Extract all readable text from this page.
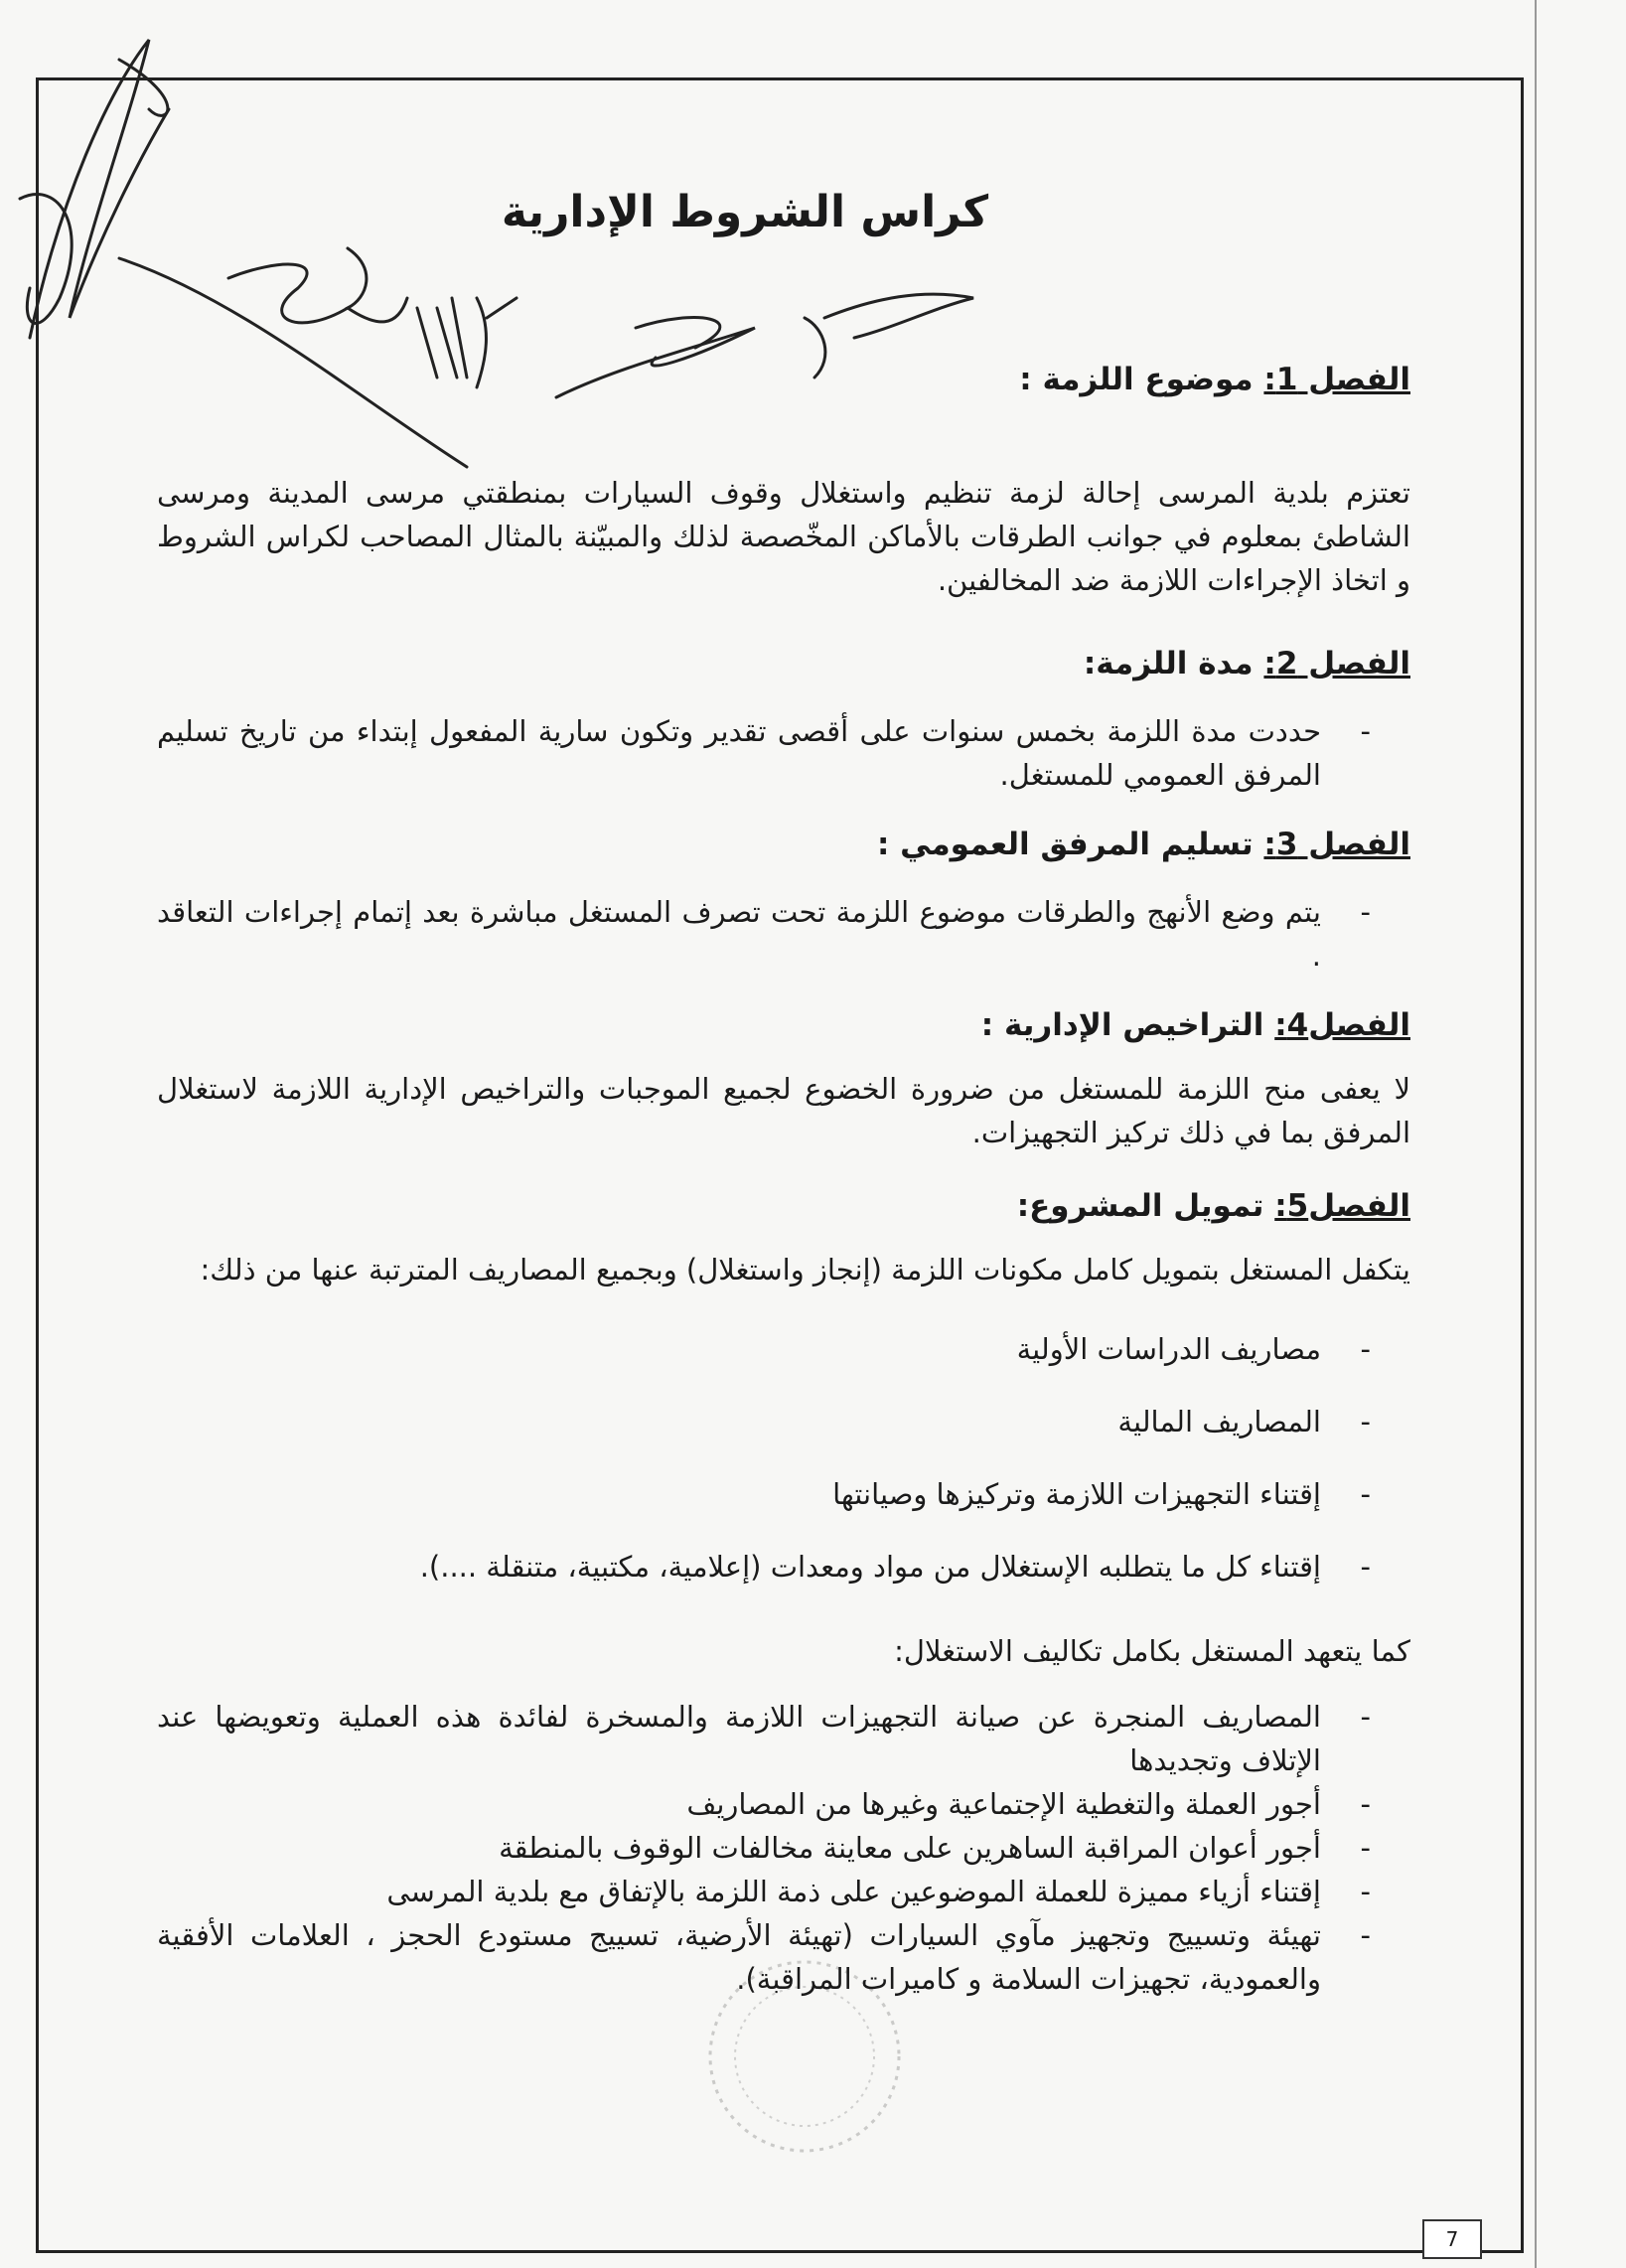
كراس الشروط الإدارية

الفصل 1: موضوع اللزمة :

تعتزم بلدية المرسى إحالة لزمة تنظيم واستغلال وقوف السيارات بمنطقتي مرسى المدينة ومرسى الشاطئ بمعلوم في جوانب الطرقات بالأماكن المخّصصة لذلك والمبيّنة بالمثال المصاحب لكراس الشروط و اتخاذ الإجراءات اللازمة ضد المخالفين.

الفصل 2: مدة اللزمة:

- حددت مدة اللزمة بخمس سنوات على أقصى تقدير وتكون سارية المفعول إبتداء من تاريخ تسليم المرفق العمومي للمستغل.

الفصل 3: تسليم المرفق العمومي :

- يتم وضع الأنهج والطرقات موضوع اللزمة تحت تصرف المستغل مباشرة بعد إتمام إجراءات التعاقد .

الفصل4: التراخيص الإدارية :

لا يعفى منح اللزمة للمستغل من ضرورة الخضوع لجميع الموجبات والتراخيص الإدارية اللازمة لاستغلال المرفق بما في ذلك تركيز التجهيزات.

الفصل5: تمويل المشروع:

يتكفل المستغل بتمويل كامل مكونات اللزمة (إنجاز واستغلال) وبجميع المصاريف المترتبة عنها من ذلك:

- مصاريف الدراسات الأولية
- المصاريف المالية
- إقتناء التجهيزات اللازمة وتركيزها وصيانتها
- إقتناء كل ما يتطلبه الإستغلال من مواد ومعدات (إعلامية، مكتبية، متنقلة ....).

كما يتعهد المستغل بكامل تكاليف الاستغلال:

- المصاريف المنجرة عن صيانة التجهيزات اللازمة والمسخرة لفائدة هذه العملية وتعويضها عند الإتلاف وتجديدها
- أجور العملة والتغطية الإجتماعية وغيرها من المصاريف
- أجور أعوان المراقبة الساهرين على معاينة مخالفات الوقوف بالمنطقة
- إقتناء أزياء مميزة للعملة الموضوعين على ذمة اللزمة بالإتفاق مع بلدية المرسى
- تهيئة وتسييج وتجهيز مآوي السيارات (تهيئة الأرضية، تسييج مستودع الحجز ، العلامات الأفقية والعمودية، تجهيزات السلامة و كاميرات المراقبة).
7
